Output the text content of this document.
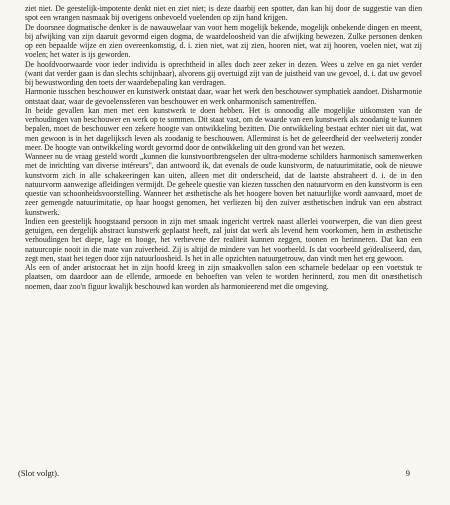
ziet niet. De geestelijk-impotente denkt niet en ziet niet; is deze daarbij een spotter, dan kan hij door de suggestie van dien spot een wrangen nasmaak bij overigens onbevoeld voelenden op zijn hand krijgen.

De doorsnee dogmatische denker is de nawauwelaar van voor hem mogelijk bekende, mogelijk onbekende dingen en meent, bij afwijking van zijn daaruit gevormd eigen dogma, de waardeloosheid van die afwijking bewezen. Zulke personen denken op een bepaalde wijze en zien overeenkomstig, d. i. zien niet, wat zij zien, hooren niet, wat zij hooren, voelen niet, wat zij voelen; het water is ijs geworden.

De hoofdvoorwaarde voor ieder individu is oprechtheid in alles doch zeer zeker in dezen. Wees u zelve en ga niet verder (want dat verder gaan is dan slechts schijnbaar), alvorens gij overtuigd zijt van de juistheid van uw gevoel, d. i. dat uw gevoel bij bewustwording den toets der waardebepaling kan verdragen.

Harmonie tusschen beschouwer en kunstwerk ontstaat daar, waar het werk den beschouwer symphatiek aandoet. Disharmonie ontstaat daar, waar de gevoelenssferen van beschouwer en werk onharmonisch samentreffen.

In beide gevallen kan men met een kunstwerk te doen hebben. Het is onnoodig alle mogelijke uitkomsten van de verhoudingen van beschouwer en werk op te sommen. Dit staat vast, om de waarde van een kunstwerk als zoodanig te kunnen bepalen, moet de beschouwer een zekere hoogte van ontwikkeling bezitten. Die ontwikkeling bestaat echter niet uit dat, wat men gewoon is in het dagelijksch leven als zoodanig te beschouwen. Allerminst is het de geleerdheid der veelweterij zonder meer. De hoogte van ontwikkeling wordt gevormd door de ontwikkeling uit den grond van het wezen.

Wanneer nu de vraag gesteld wordt „kunnen die kunstvoortbrengselen der ultra-moderne schilders harmonisch samenwerken met de inrichting van diverse intéreurs", dan antwoord ik, dat evenals de oude kunstvorm, de natuurimitatie, ook de nieuwe kunstvorm zich in alle schakeeringen kan uiten, alleen met dit onderscheid, dat de laatste abstraheert d. i. de in den natuurvorm aanwezige afleidingen vermijdt. De geheele questie van kiezen tusschen den natuurvorm en den kunstvorm is een questie van schoonheidsvoorstelling. Wanneer het æsthetische als het hoogere boven het natuurlijke wordt aanvaard, moet de zeer gemengde natuurimitatie, op haar hoogst genomen, het verliezen bij den zuiver æsthetischen indruk van een abstract kunstwerk.

Indien een geestelijk hoogstaand persoon in zijn met smaak ingericht vertrek naast allerlei voorwerpen, die van dien geest getuigen, een dergelijk abstract kunstwerk geplaatst heeft, zal juist dat werk als levend hem voorkomen, hem in æsthetische verhoudingen het diepe, lage en hooge, het verhevene der realiteit kunnen zeggen, toonen en herinneren. Dat kan een natuurcopie nooit in die mate van zuiverheid. Zij is altijd de mindere van het voorbeeld. Is dat voorbeeld geïdealiseerd, dan, zegt men, staat het tegen door zijn natuurloosheid. Is het in alle opzichten natuurgetrouw, dan vindt men het erg gewoon.

Als een of ander aristocraat het in zijn hoofd kreeg in zijn smaakvollen salon een scharnele bedelaar op een voetstuk te plaatsen, om daardoor aan de ellende, armoede en behoeften van velen te worden herinnerd, zou men dit onæsthetisch noemen, daar zoo'n figuur kwalijk beschouwd kan worden als harmonieerend met die omgeving.

(Slot volgt).	9
